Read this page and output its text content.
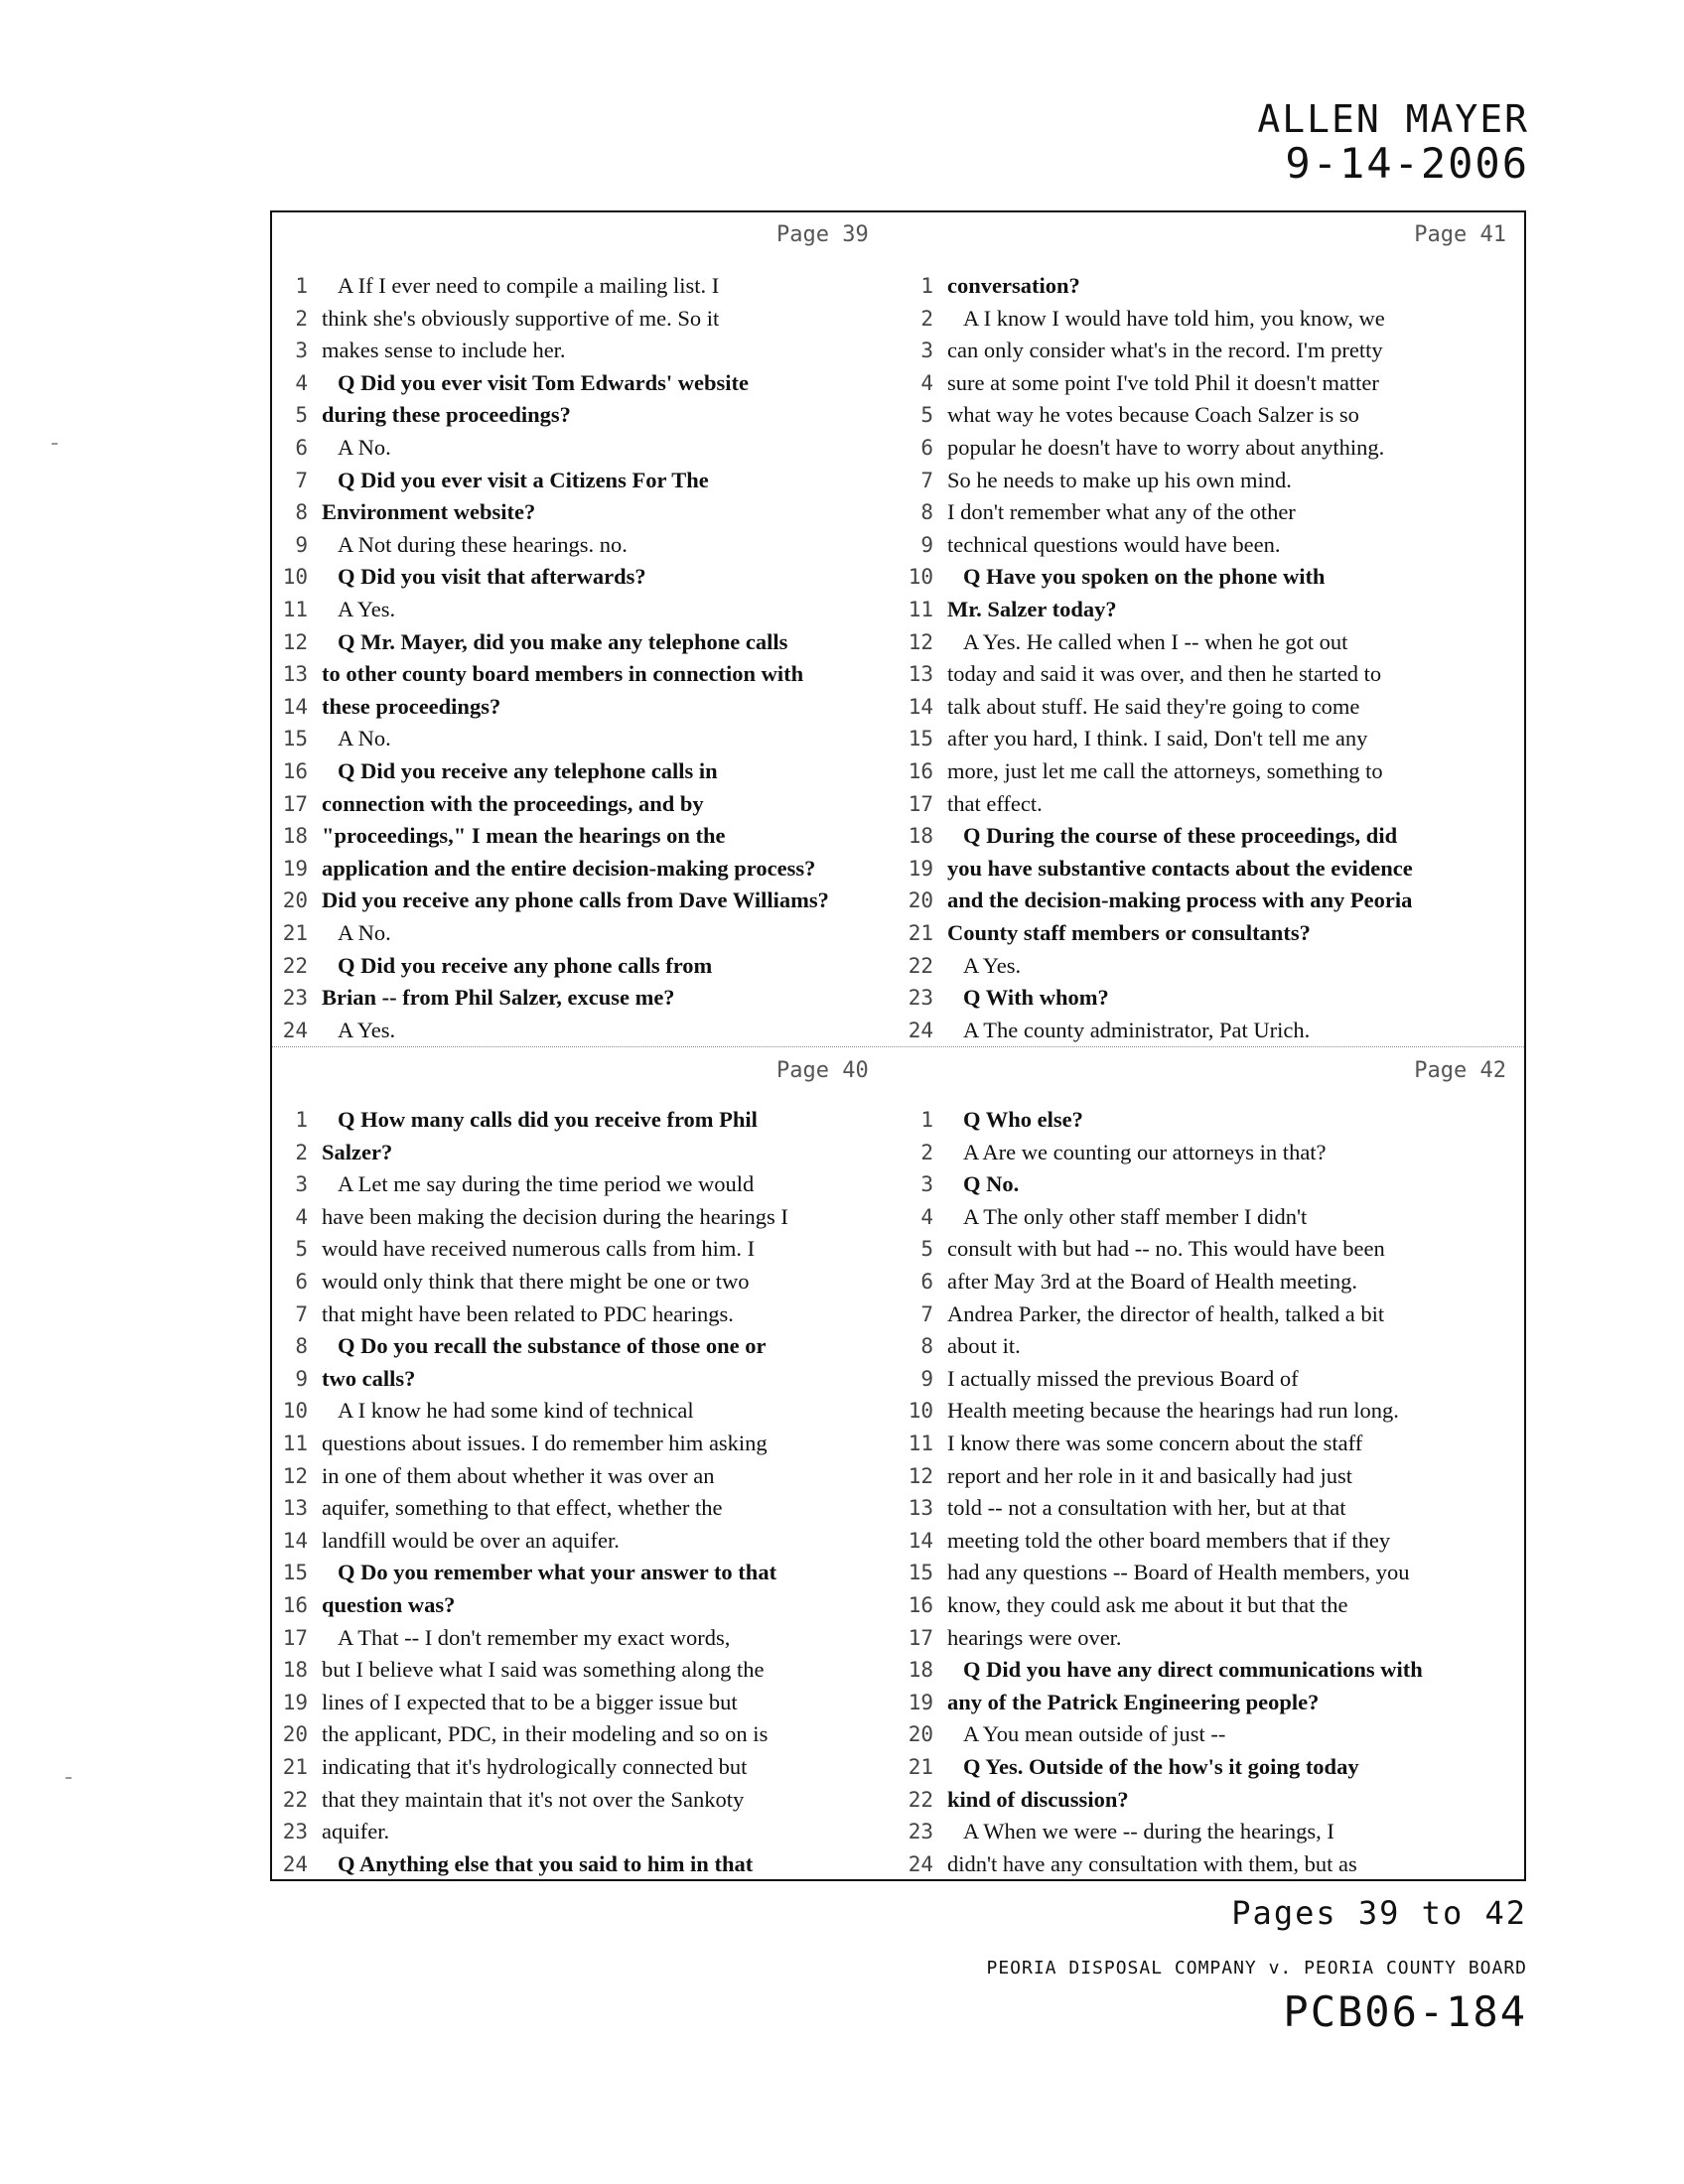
ALLEN MAYER
9-14-2006
Page 39	Page 41
Page 40	Page 42
1 A If I ever need to compile a mailing list. I
2 think she's obviously supportive of me. So it
3 makes sense to include her.
4 Q Did you ever visit Tom Edwards' website
5 during these proceedings?
6 A No.
7 Q Did you ever visit a Citizens For The
8 Environment website?
9 A Not during these hearings. no.
10 Q Did you visit that afterwards?
11 A Yes.
12 Q Mr. Mayer, did you make any telephone calls
13 to other county board members in connection with
14 these proceedings?
15 A No.
16 Q Did you receive any telephone calls in
17 connection with the proceedings, and by
18 "proceedings," I mean the hearings on the
19 application and the entire decision-making process?
20 Did you receive any phone calls from Dave Williams?
21 A No.
22 Q Did you receive any phone calls from
23 Brian -- from Phil Salzer, excuse me?
24 A Yes.
1 conversation?
2 A I know I would have told him, you know, we
3 can only consider what's in the record. I'm pretty
4 sure at some point I've told Phil it doesn't matter
5 what way he votes because Coach Salzer is so
6 popular he doesn't have to worry about anything.
7 So he needs to make up his own mind.
8 I don't remember what any of the other
9 technical questions would have been.
10 Q Have you spoken on the phone with
11 Mr. Salzer today?
12 A Yes. He called when I -- when he got out
13 today and said it was over, and then he started to
14 talk about stuff. He said they're going to come
15 after you hard, I think. I said, Don't tell me any
16 more, just let me call the attorneys, something to
17 that effect.
18 Q During the course of these proceedings, did
19 you have substantive contacts about the evidence
20 and the decision-making process with any Peoria
21 County staff members or consultants?
22 A Yes.
23 Q With whom?
24 A The county administrator, Pat Urich.
1 Q How many calls did you receive from Phil
2 Salzer?
3 A Let me say during the time period we would
4 have been making the decision during the hearings I
5 would have received numerous calls from him. I
6 would only think that there might be one or two
7 that might have been related to PDC hearings.
8 Q Do you recall the substance of those one or
9 two calls?
10 A I know he had some kind of technical
11 questions about issues. I do remember him asking
12 in one of them about whether it was over an
13 aquifer, something to that effect, whether the
14 landfill would be over an aquifer.
15 Q Do you remember what your answer to that
16 question was?
17 A That -- I don't remember my exact words,
18 but I believe what I said was something along the
19 lines of I expected that to be a bigger issue but
20 the applicant, PDC, in their modeling and so on is
21 indicating that it's hydrologically connected but
22 that they maintain that it's not over the Sankoty
23 aquifer.
24 Q Anything else that you said to him in that
1 Q Who else?
2 A Are we counting our attorneys in that?
3 Q No.
4 A The only other staff member I didn't
5 consult with but had -- no. This would have been
6 after May 3rd at the Board of Health meeting.
7 Andrea Parker, the director of health, talked a bit
8 about it.
9 I actually missed the previous Board of
10 Health meeting because the hearings had run long.
11 I know there was some concern about the staff
12 report and her role in it and basically had just
13 told -- not a consultation with her, but at that
14 meeting told the other board members that if they
15 had any questions -- Board of Health members, you
16 know, they could ask me about it but that the
17 hearings were over.
18 Q Did you have any direct communications with
19 any of the Patrick Engineering people?
20 A You mean outside of just --
21 Q Yes. Outside of the how's it going today
22 kind of discussion?
23 A When we were -- during the hearings, I
24 didn't have any consultation with them, but as
Pages 39 to 42
PEORIA DISPOSAL COMPANY v. PEORIA COUNTY BOARD
PCB06-184
